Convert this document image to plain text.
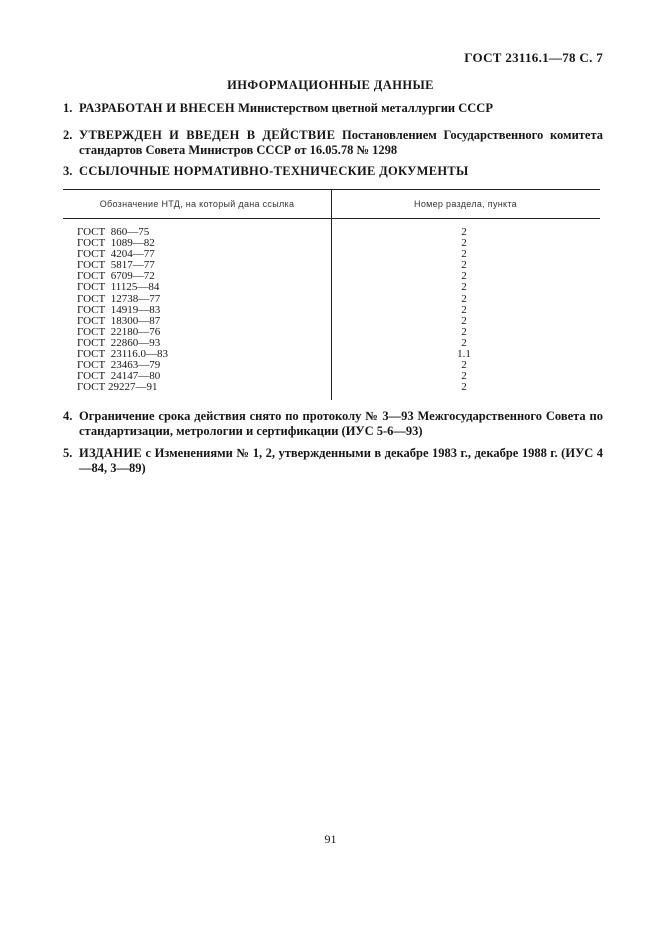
ГОСТ 23116.1—78 С. 7
ИНФОРМАЦИОННЫЕ ДАННЫЕ
1. РАЗРАБОТАН И ВНЕСЕН Министерством цветной металлургии СССР
2. УТВЕРЖДЕН И ВВЕДЕН В ДЕЙСТВИЕ Постановлением Государственного комитета стандартов Совета Министров СССР от 16.05.78 № 1298
3. ССЫЛОЧНЫЕ НОРМАТИВНО-ТЕХНИЧЕСКИЕ ДОКУМЕНТЫ
Обозначение НТД, на который дана ссылка	Номер раздела, пункта
ГОСТ  860—75	2
ГОСТ  1089—82	2
ГОСТ  4204—77	2
ГОСТ  5817—77	2
ГОСТ  6709—72	2
ГОСТ  11125—84	2
ГОСТ  12738—77	2
ГОСТ  14919—83	2
ГОСТ  18300—87	2
ГОСТ  22180—76	2
ГОСТ  22860—93	2
ГОСТ  23116.0—83	1.1
ГОСТ  23463—79	2
ГОСТ  24147—80	2
ГОСТ 29227—91	2
4. Ограничение срока действия снято по протоколу № 3—93 Межгосударственного Совета по стандартизации, метрологии и сертификации (ИУС 5-6—93)
5. ИЗДАНИЕ с Изменениями № 1, 2, утвержденными в декабре 1983 г., декабре 1988 г. (ИУС 4—84, 3—89)
91
